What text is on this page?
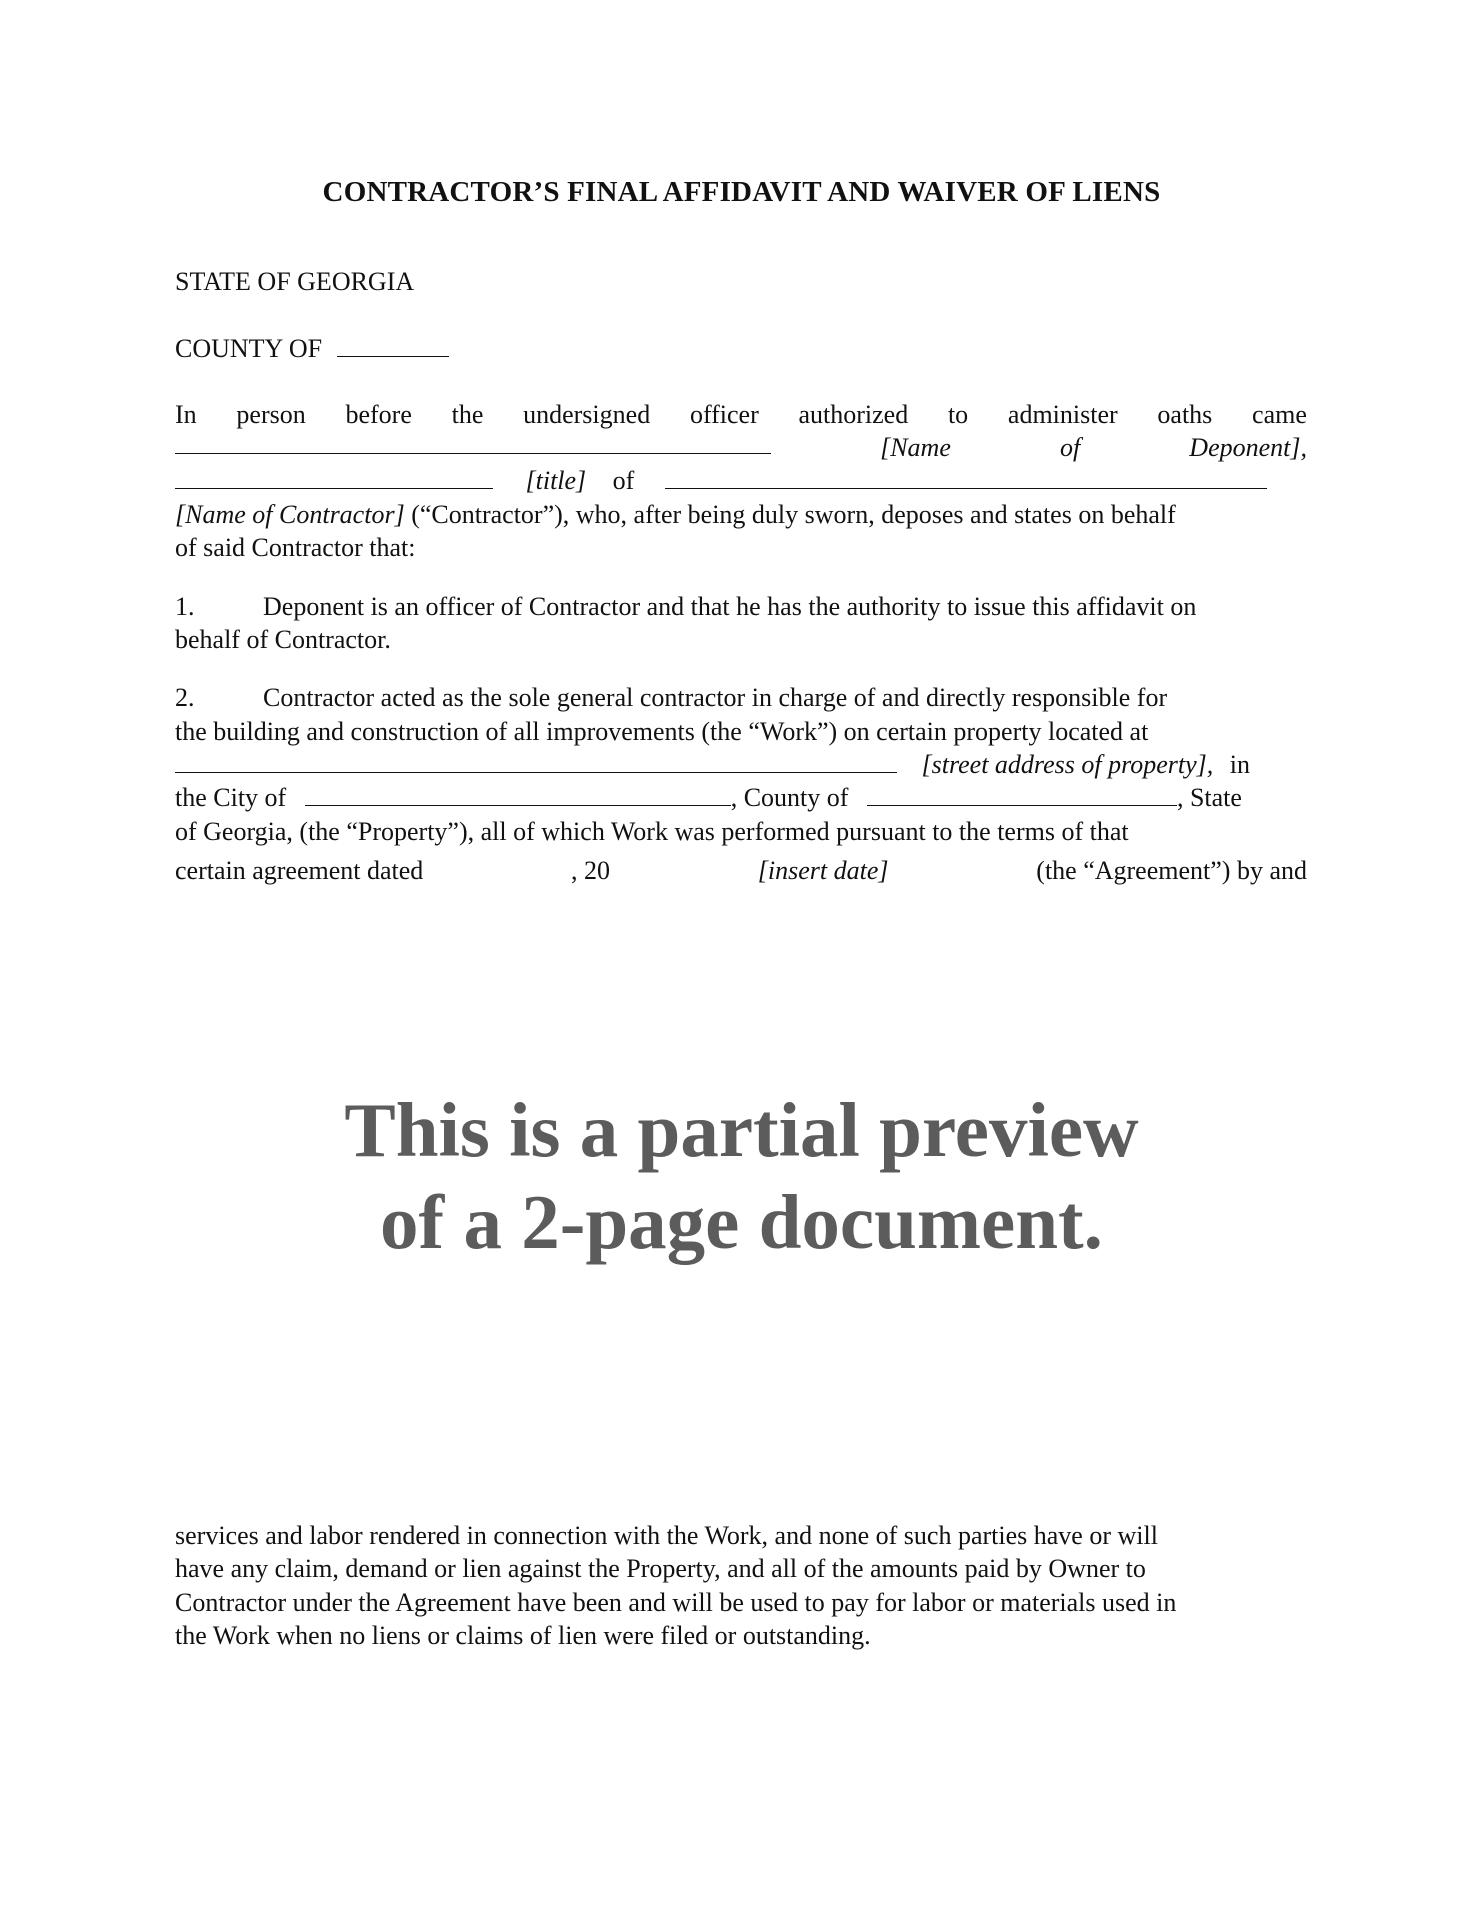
CONTRACTOR’S FINAL AFFIDAVIT AND WAIVER OF LIENS
STATE OF GEORGIA
COUNTY OF
In person before the undersigned officer authorized to administer oaths came
[Name	of	Deponent],
[title] of
[Name of Contractor] (“Contractor”), who, after being duly sworn, deposes and states on behalf
of said Contractor that:
1.	Deponent is an officer of Contractor and that he has the authority to issue this affidavit on
behalf of Contractor.
2.	Contractor acted as the sole general contractor in charge of and directly responsible for
the building and construction of all improvements (the “Work”) on certain property located at
[street address of property], in
the City of	, County of	, State
of Georgia, (the “Property”), all of which Work was performed pursuant to the terms of that
certain agreement dated	, 20	[insert date]	(the “Agreement”) by and
This is a partial preview
of a 2-page document.
services and labor rendered in connection with the Work, and none of such parties have or will
have any claim, demand or lien against the Property, and all of the amounts paid by Owner to
Contractor under the Agreement have been and will be used to pay for labor or materials used in
the Work when no liens or claims of lien were filed or outstanding.
